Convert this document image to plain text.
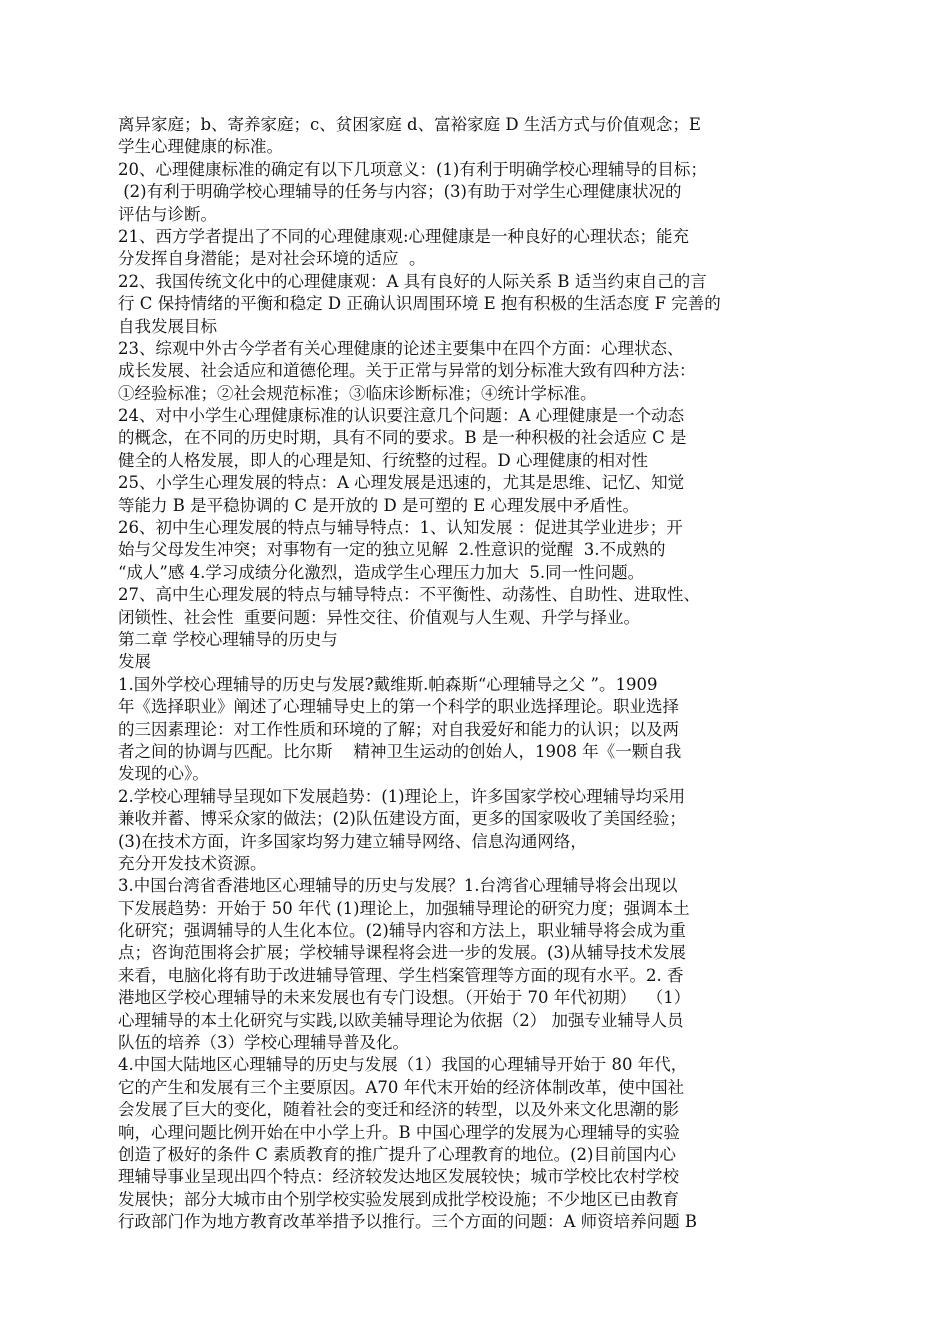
离异家庭；b、寄养家庭；c、贫困家庭 d、富裕家庭 D 生活方式与价值观念；E
学生心理健康的标准。
20、心理健康标准的确定有以下几项意义：(1)有利于明确学校心理辅导的目标；
(2)有利于明确学校心理辅导的任务与内容；(3)有助于对学生心理健康状况的
评估与诊断。
21、西方学者提出了不同的心理健康观:心理健康是一种良好的心理状态；能充
分发挥自身潜能；是对社会环境的适应  。
22、我国传统文化中的心理健康观：A 具有良好的人际关系 B 适当约束自己的言
行 C 保持情绪的平衡和稳定 D 正确认识周围环境 E 抱有积极的生活态度 F 完善的
自我发展目标
23、综观中外古今学者有关心理健康的论述主要集中在四个方面：心理状态、
成长发展、社会适应和道德伦理。关于正常与异常的划分标准大致有四种方法：
①经验标准；②社会规范标准；③临床诊断标准；④统计学标准。
24、对中小学生心理健康标准的认识要注意几个问题：A 心理健康是一个动态
的概念，在不同的历史时期，具有不同的要求。B 是一种积极的社会适应 C 是
健全的人格发展，即人的心理是知、行统整的过程。D 心理健康的相对性
25、小学生心理发展的特点：A 心理发展是迅速的，尤其是思维、记忆、知觉
等能力 B 是平稳协调的 C 是开放的 D 是可塑的 E 心理发展中矛盾性。
26、初中生心理发展的特点与辅导特点：1、认知发展 ：促进其学业进步；开
始与父母发生冲突；对事物有一定的独立见解  2.性意识的觉醒  3.不成熟的
“成人”感 4.学习成绩分化激烈，造成学生心理压力加大  5.同一性问题。
27、高中生心理发展的特点与辅导特点：不平衡性、动荡性、自助性、进取性、
闭锁性、社会性  重要问题：异性交往、价值观与人生观、升学与择业。
第二章 学校心理辅导的历史与
发展
1.国外学校心理辅导的历史与发展?戴维斯.帕森斯“心理辅导之父 ”。1909
年《选择职业》阐述了心理辅导史上的第一个科学的职业选择理论。职业选择
的三因素理论：对工作性质和环境的了解；对自我爱好和能力的认识；以及两
者之间的协调与匹配。比尔斯    精神卫生运动的创始人，1908 年《一颗自我
发现的心》。
2.学校心理辅导呈现如下发展趋势：(1)理论上，许多国家学校心理辅导均采用
兼收并蓄、博采众家的做法；(2)队伍建设方面，更多的国家吸收了美国经验；
(3)在技术方面，许多国家均努力建立辅导网络、信息沟通网络，
充分开发技术资源。
3.中国台湾省香港地区心理辅导的历史与发展？1.台湾省心理辅导将会出现以
下发展趋势：开始于 50 年代 (1)理论上，加强辅导理论的研究力度；强调本土
化研究；强调辅导的人生化本位。(2)辅导内容和方法上，职业辅导将会成为重
点；咨询范围将会扩展；学校辅导课程将会进一步的发展。(3)从辅导技术发展
来看，电脑化将有助于改进辅导管理、学生档案管理等方面的现有水平。2. 香
港地区学校心理辅导的未来发展也有专门设想。（开始于 70 年代初期）  （1）
心理辅导的本土化研究与实践,以欧美辅导理论为依据（2） 加强专业辅导人员
队伍的培养（3）学校心理辅导普及化。
4.中国大陆地区心理辅导的历史与发展（1）我国的心理辅导开始于 80 年代，
它的产生和发展有三个主要原因。A70 年代末开始的经济体制改革，使中国社
会发展了巨大的变化，随着社会的变迁和经济的转型，以及外来文化思潮的影
响，心理问题比例开始在中小学上升。B 中国心理学的发展为心理辅导的实验
创造了极好的条件 C 素质教育的推广提升了心理教育的地位。(2)目前国内心
理辅导事业呈现出四个特点：经济较发达地区发展较快；城市学校比农村学校
发展快；部分大城市由个别学校实验发展到成批学校设施；不少地区已由教育
行政部门作为地方教育改革举措予以推行。三个方面的问题：A 师资培养问题 B
